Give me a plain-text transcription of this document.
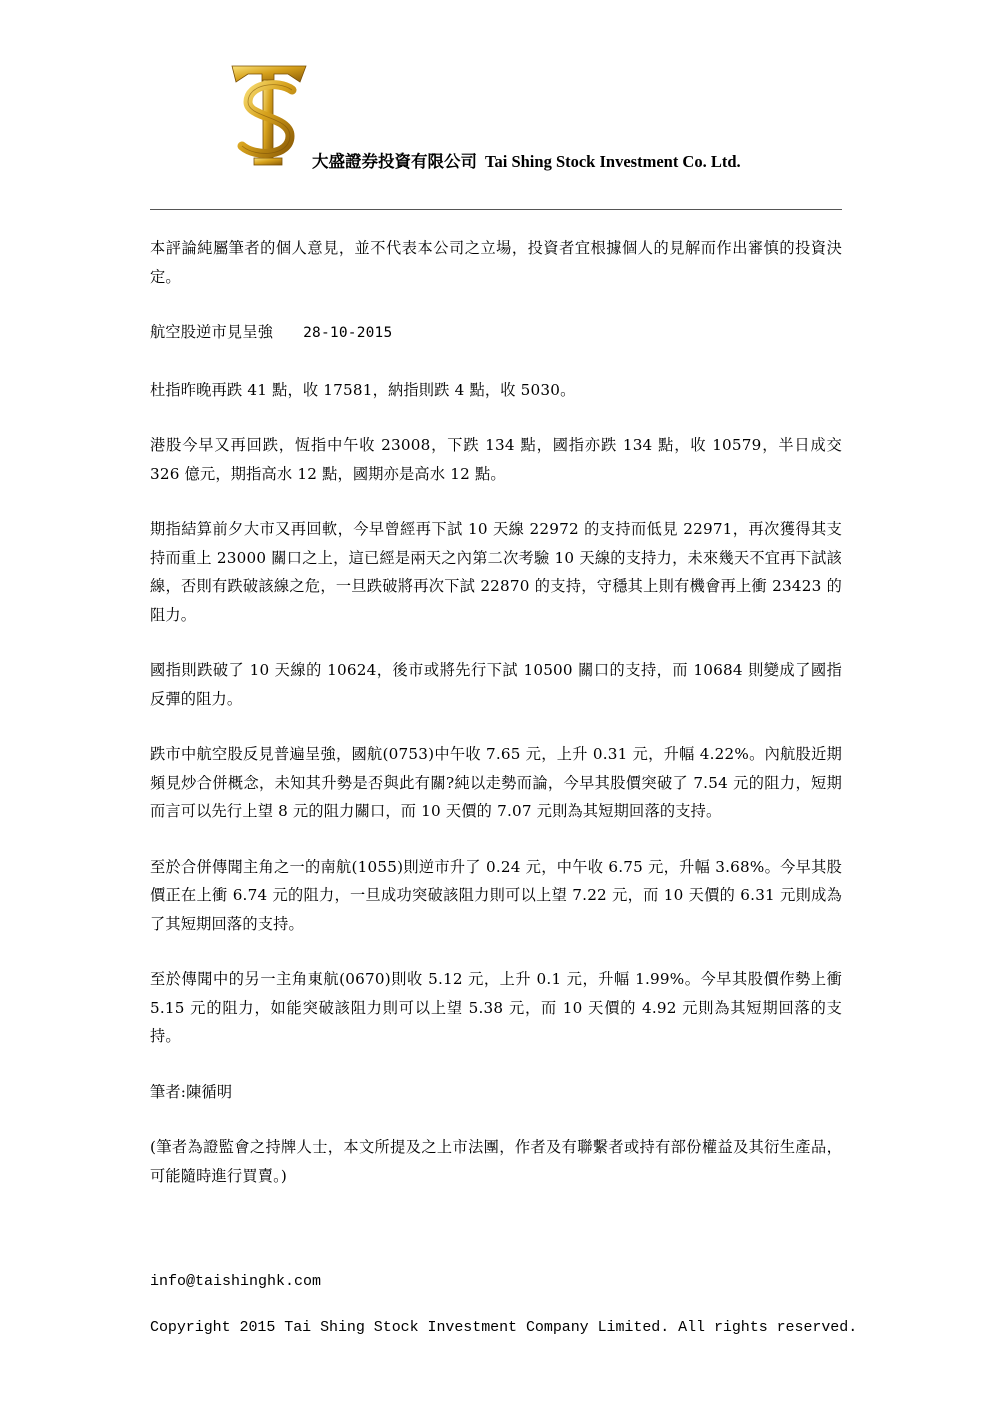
大盛證券投資有限公司 Tai Shing Stock Investment Co. Ltd.

本評論純屬筆者的個人意見，並不代表本公司之立場，投資者宜根據個人的見解而作出審慎的投資決定。

航空股逆市見呈強 28-10-2015

杜指昨晚再跌 41 點，收 17581，納指則跌 4 點，收 5030。

港股今早又再回跌，恆指中午收 23008，下跌 134 點，國指亦跌 134 點，收 10579，半日成交 326 億元，期指高水 12 點，國期亦是高水 12 點。

期指結算前夕大市又再回軟，今早曾經再下試 10 天線 22972 的支持而低見 22971，再次獲得其支持而重上 23000 關口之上，這已經是兩天之內第二次考驗 10 天線的支持力，未來幾天不宜再下試該線，否則有跌破該線之危，一旦跌破將再次下試 22870 的支持，守穩其上則有機會再上衝 23423 的阻力。

國指則跌破了 10 天線的 10624，後市或將先行下試 10500 關口的支持，而 10684 則變成了國指反彈的阻力。

跌市中航空股反見普遍呈強，國航(0753)中午收 7.65 元，上升 0.31 元，升幅 4.22%。內航股近期頻見炒合併概念，未知其升勢是否與此有關?純以走勢而論，今早其股價突破了 7.54 元的阻力，短期而言可以先行上望 8 元的阻力關口，而 10 天價的 7.07 元則為其短期回落的支持。

至於合併傳聞主角之一的南航(1055)則逆市升了 0.24 元，中午收 6.75 元，升幅 3.68%。今早其股價正在上衝 6.74 元的阻力，一旦成功突破該阻力則可以上望 7.22 元，而 10 天價的 6.31 元則成為了其短期回落的支持。

至於傳聞中的另一主角東航(0670)則收 5.12 元，上升 0.1 元，升幅 1.99%。今早其股價作勢上衝 5.15 元的阻力，如能突破該阻力則可以上望 5.38 元，而 10 天價的 4.92 元則為其短期回落的支持。

筆者:陳循明

(筆者為證監會之持牌人士，本文所提及之上市法團，作者及有聯繫者或持有部份權益及其衍生產品，可能隨時進行買賣。)

info@taishinghk.com
Copyright 2015 Tai Shing Stock Investment Company Limited. All rights reserved.
